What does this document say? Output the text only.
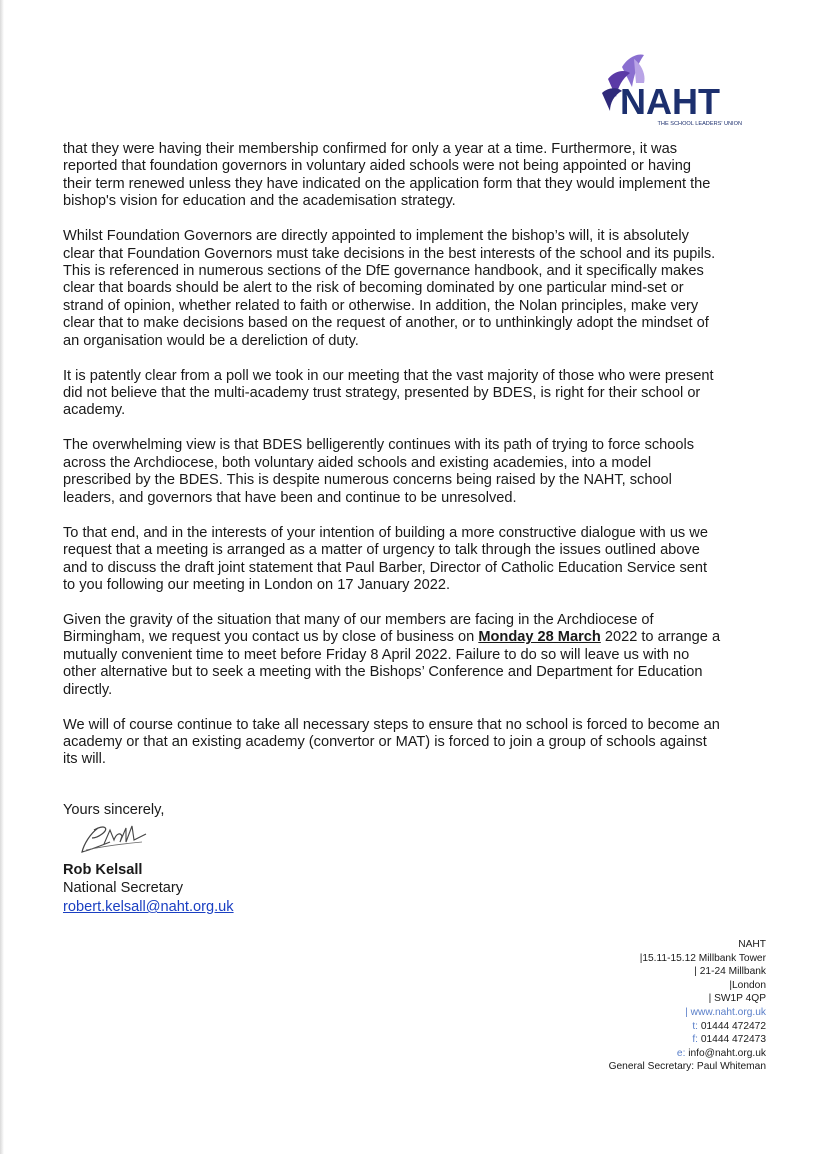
NAHT
THE SCHOOL LEADERS' UNION

that they were having their membership confirmed for only a year at a time. Furthermore, it was reported that foundation governors in voluntary aided schools were not being appointed or having their term renewed unless they have indicated on the application form that they would implement the bishop's vision for education and the academisation strategy.

Whilst Foundation Governors are directly appointed to implement the bishop’s will, it is absolutely clear that Foundation Governors must take decisions in the best interests of the school and its pupils. This is referenced in numerous sections of the DfE governance handbook, and it specifically makes clear that boards should be alert to the risk of becoming dominated by one particular mind-set or strand of opinion, whether related to faith or otherwise. In addition, the Nolan principles, make very clear that to make decisions based on the request of another, or to unthinkingly adopt the mindset of an organisation would be a dereliction of duty.

It is patently clear from a poll we took in our meeting that the vast majority of those who were present did not believe that the multi-academy trust strategy, presented by BDES, is right for their school or academy.

The overwhelming view is that BDES belligerently continues with its path of trying to force schools across the Archdiocese, both voluntary aided schools and existing academies, into a model prescribed by the BDES. This is despite numerous concerns being raised by the NAHT, school leaders, and governors that have been and continue to be unresolved.

To that end, and in the interests of your intention of building a more constructive dialogue with us we request that a meeting is arranged as a matter of urgency to talk through the issues outlined above and to discuss the draft joint statement that Paul Barber, Director of Catholic Education Service sent to you following our meeting in London on 17 January 2022.

Given the gravity of the situation that many of our members are facing in the Archdiocese of Birmingham, we request you contact us by close of business on Monday 28 March 2022 to arrange a mutually convenient time to meet before Friday 8 April 2022. Failure to do so will leave us with no other alternative but to seek a meeting with the Bishops’ Conference and Department for Education directly.

We will of course continue to take all necessary steps to ensure that no school is forced to become an academy or that an existing academy (convertor or MAT) is forced to join a group of schools against its will.

Yours sincerely,
Rob Kelsall
National Secretary
robert.kelsall@naht.org.uk
NAHT
|15.11-15.12 Millbank Tower
| 21-24 Millbank
|London
| SW1P 4QP
| www.naht.org.uk
t: 01444 472472
f: 01444 472473
e: info@naht.org.uk
General Secretary: Paul Whiteman
